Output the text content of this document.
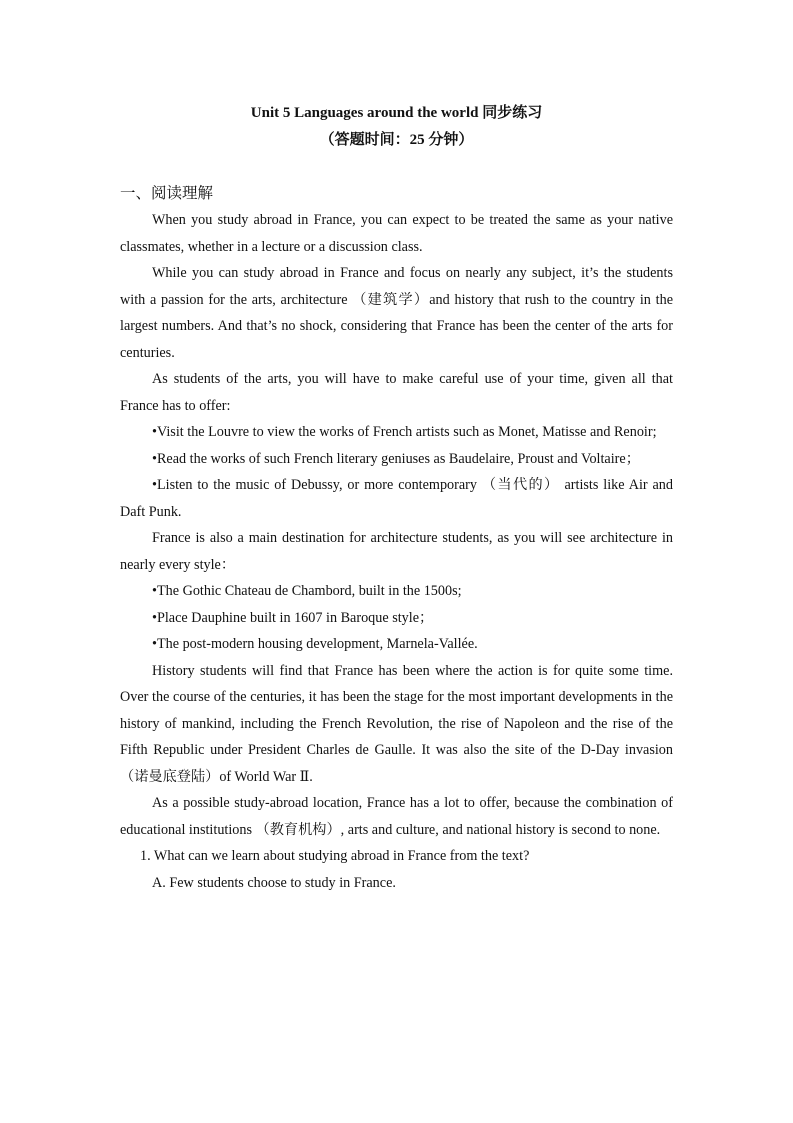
Unit 5 Languages around the world 同步练习
（答题时间：25 分钟）
一、阅读理解

When you study abroad in France, you can expect to be treated the same as your native classmates, whether in a lecture or a discussion class.

While you can study abroad in France and focus on nearly any subject, it’s the students with a passion for the arts, architecture （建筑学）and history that rush to the country in the largest numbers. And that’s no shock, considering that France has been the center of the arts for centuries.

As students of the arts, you will have to make careful use of your time, given all that France has to offer:

•Visit the Louvre to view the works of French artists such as Monet, Matisse and Renoir;

•Read the works of such French literary geniuses as Baudelaire, Proust and Voltaire；

•Listen to the music of Debussy, or more contemporary （当代的） artists like Air and Daft Punk.

France is also a main destination for architecture students, as you will see architecture in nearly every style：

•The Gothic Chateau de Chambord, built in the 1500s;

•Place Dauphine built in 1607 in Baroque style；

•The post-modern housing development, Marnela-Vallée.

History students will find that France has been where the action is for quite some time. Over the course of the centuries, it has been the stage for the most important developments in the history of mankind, including the French Revolution, the rise of Napoleon and the rise of the Fifth Republic under President Charles de Gaulle. It was also the site of the D-Day invasion （诺曼底登陆）of World War Ⅱ.

As a possible study-abroad location, France has a lot to offer, because the combination of educational institutions （教育机构）, arts and culture, and national history is second to none.

1. What can we learn about studying abroad in France from the text?

A. Few students choose to study in France.
